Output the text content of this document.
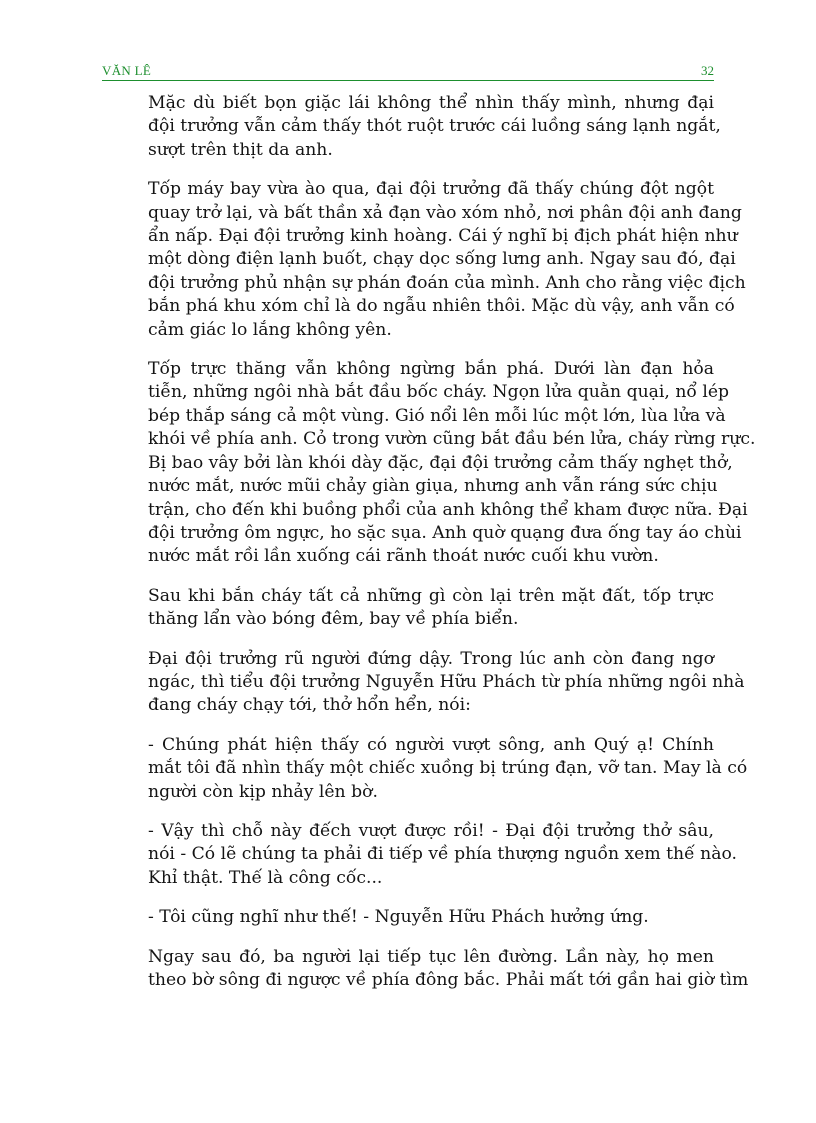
VĂN LÊ	32

Mặc dù biết bọn giặc lái không thể nhìn thấy mình, nhưng đại
đội trưởng vẫn cảm thấy thót ruột trước cái luồng sáng lạnh ngắt,
sượt trên thịt da anh.

Tốp máy bay vừa ào qua, đại đội trưởng đã thấy chúng đột ngột
quay trở lại, và bất thần xả đạn vào xóm nhỏ, nơi phân đội anh đang
ẩn nấp. Đại đội trưởng kinh hoàng. Cái ý nghĩ bị địch phát hiện như
một dòng điện lạnh buốt, chạy dọc sống lưng anh. Ngay sau đó, đại
đội trưởng phủ nhận sự phán đoán của mình. Anh cho rằng việc địch
bắn phá khu xóm chỉ là do ngẫu nhiên thôi. Mặc dù vậy, anh vẫn có
cảm giác lo lắng không yên.

Tốp trực thăng vẫn không ngừng bắn phá. Dưới làn đạn hỏa
tiễn, những ngôi nhà bắt đầu bốc cháy. Ngọn lửa quằn quại, nổ lép
bép thắp sáng cả một vùng. Gió nổi lên mỗi lúc một lớn, lùa lửa và
khói về phía anh. Cỏ trong vườn cũng bắt đầu bén lửa, cháy rừng rực.
Bị bao vây bởi làn khói dày đặc, đại đội trưởng cảm thấy nghẹt thở,
nước mắt, nước mũi chảy giàn giụa, nhưng anh vẫn ráng sức chịu
trận, cho đến khi buồng phổi của anh không thể kham được nữa. Đại
đội trưởng ôm ngực, ho sặc sụa. Anh quờ quạng đưa ống tay áo chùi
nước mắt rồi lần xuống cái rãnh thoát nước cuối khu vườn.

Sau khi bắn cháy tất cả những gì còn lại trên mặt đất, tốp trực
thăng lẩn vào bóng đêm, bay về phía biển.

Đại đội trưởng rũ người đứng dậy. Trong lúc anh còn đang ngơ
ngác, thì tiểu đội trưởng Nguyễn Hữu Phách từ phía những ngôi nhà
đang cháy chạy tới, thở hổn hển, nói:

- Chúng phát hiện thấy có người vượt sông, anh Quý ạ! Chính
mắt tôi đã nhìn thấy một chiếc xuồng bị trúng đạn, vỡ tan. May là có
người còn kịp nhảy lên bờ.

- Vậy thì chỗ này đếch vượt được rồi! - Đại đội trưởng thở sâu,
nói - Có lẽ chúng ta phải đi tiếp về phía thượng nguồn xem thế nào.
Khỉ thật. Thế là công cốc...

- Tôi cũng nghĩ như thế! - Nguyễn Hữu Phách hưởng ứng.

Ngay sau đó, ba người lại tiếp tục lên đường. Lần này, họ men
theo bờ sông đi ngược về phía đông bắc. Phải mất tới gần hai giờ tìm
